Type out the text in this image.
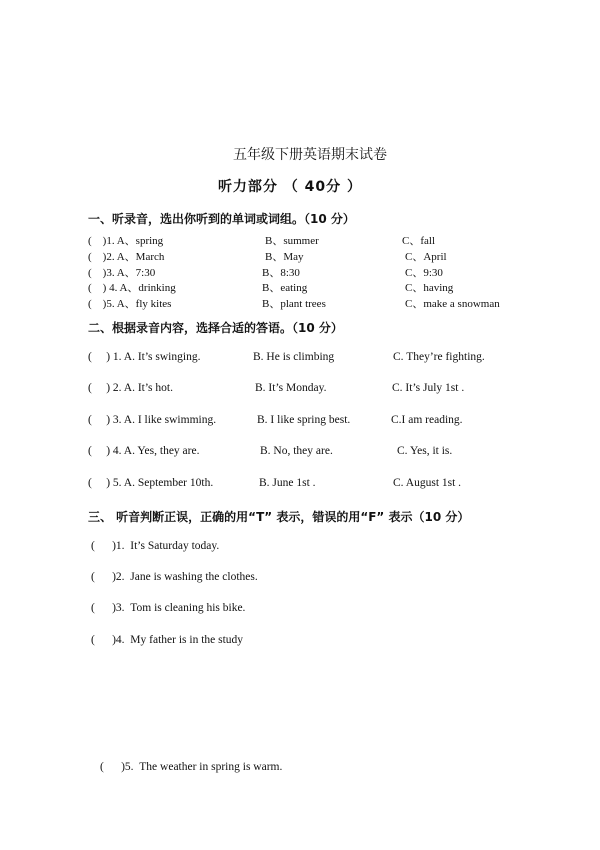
五年级下册英语期末试卷
听力部分 （ 40分 ）
一、听录音，选出你听到的单词或词组。（10 分）
(    )1. A、spring	B、summer	C、fall
(    )2. A、March	B、May	C、April
(    )3. A、7:30	B、8:30	C、9:30
(    ) 4. A、drinking	B、eating	C、having
(    )5. A、fly kites	B、plant trees	C、make a snowman
二、根据录音内容，选择合适的答语。（10 分）
(     ) 1. A. It’s swinging.	B. He is climbing	C. They’re fighting.
(     ) 2. A. It’s hot.	B. It’s Monday.	C. It’s July 1st .
(     ) 3. A. I like swimming.	B. I like spring best.	C.I am reading.
(     ) 4. A. Yes, they are.	B. No, they are.	C. Yes, it is.
(     ) 5. A. September 10th.	B. June 1st .	C. August 1st .
三、 听音判断正误，正确的用“T” 表示，错误的用“F” 表示（10 分）
(      )1.  It’s Saturday today.
(      )2.  Jane is washing the clothes.
(      )3.  Tom is cleaning his bike.
(      )4.  My father is in the study
(      )5.  The weather in spring is warm.
